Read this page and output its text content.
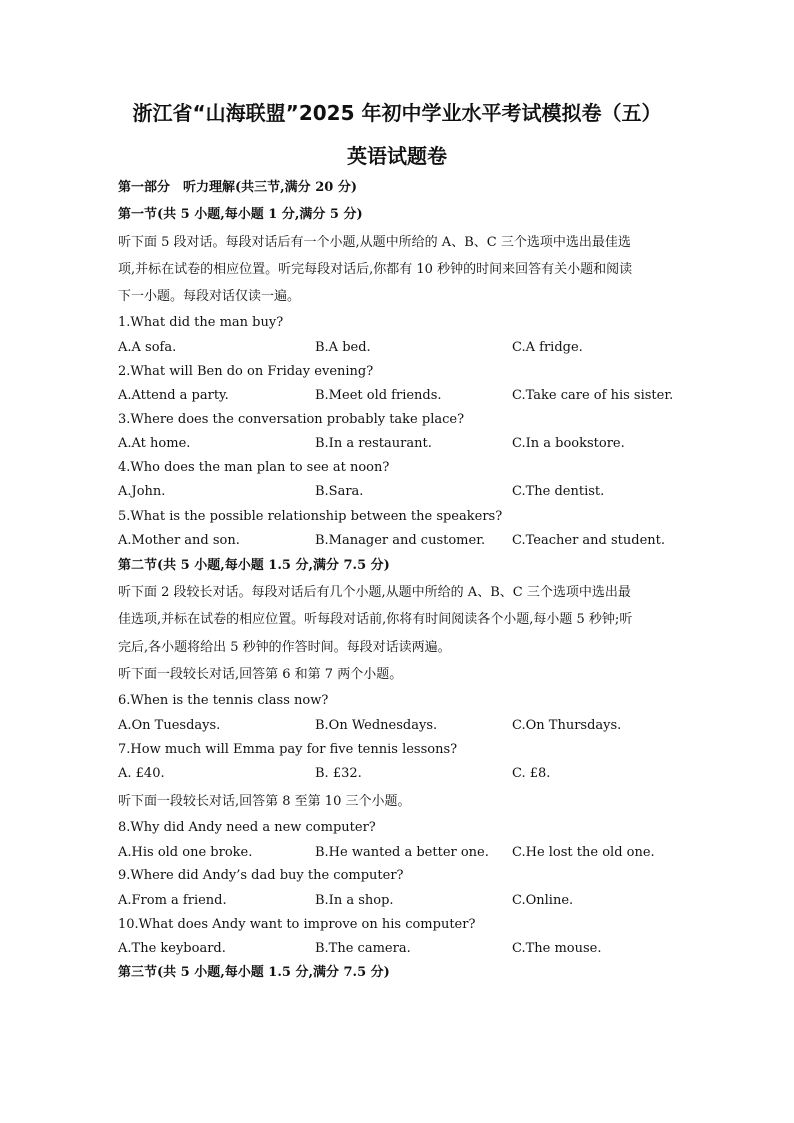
浙江省“山海联盟”2025 年初中学业水平考试模拟卷（五）
英语试题卷
第一部分　听力理解(共三节,满分 20 分)
第一节(共 5 小题,每小题 1 分,满分 5 分)
听下面 5 段对话。每段对话后有一个小题,从题中所给的 A、B、C 三个选项中选出最佳选
项,并标在试卷的相应位置。听完每段对话后,你都有 10 秒钟的时间来回答有关小题和阅读
下一小题。每段对话仅读一遍。
1.What did the man buy?
A.A sofa.	B.A bed.	C.A fridge.
2.What will Ben do on Friday evening?
A.Attend a party.	B.Meet old friends.	C.Take care of his sister.
3.Where does the conversation probably take place?
A.At home.	B.In a restaurant.	C.In a bookstore.
4.Who does the man plan to see at noon?
A.John.	B.Sara.	C.The dentist.
5.What is the possible relationship between the speakers?
A.Mother and son.	B.Manager and customer. C.Teacher and student.
第二节(共 5 小题,每小题 1.5 分,满分 7.5 分)
听下面 2 段较长对话。每段对话后有几个小题,从题中所给的 A、B、C 三个选项中选出最
佳选项,并标在试卷的相应位置。听每段对话前,你将有时间阅读各个小题,每小题 5 秒钟;听
完后,各小题将给出 5 秒钟的作答时间。每段对话读两遍。
听下面一段较长对话,回答第 6 和第 7 两个小题。
6.When is the tennis class now?
A.On Tuesdays.	B.On Wednesdays.	C.On Thursdays.
7.How much will Emma pay for five tennis lessons?
A. £40.	B. £32.	C. £8.
听下面一段较长对话,回答第 8 至第 10 三个小题。
8.Why did Andy need a new computer?
A.His old one broke.	B.He wanted a better one. C.He lost the old one.
9.Where did Andy’s dad buy the computer?
A.From a friend.	B.In a shop.	C.Online.
10.What does Andy want to improve on his computer?
A.The keyboard.	B.The camera.	C.The mouse.
第三节(共 5 小题,每小题 1.5 分,满分 7.5 分)
